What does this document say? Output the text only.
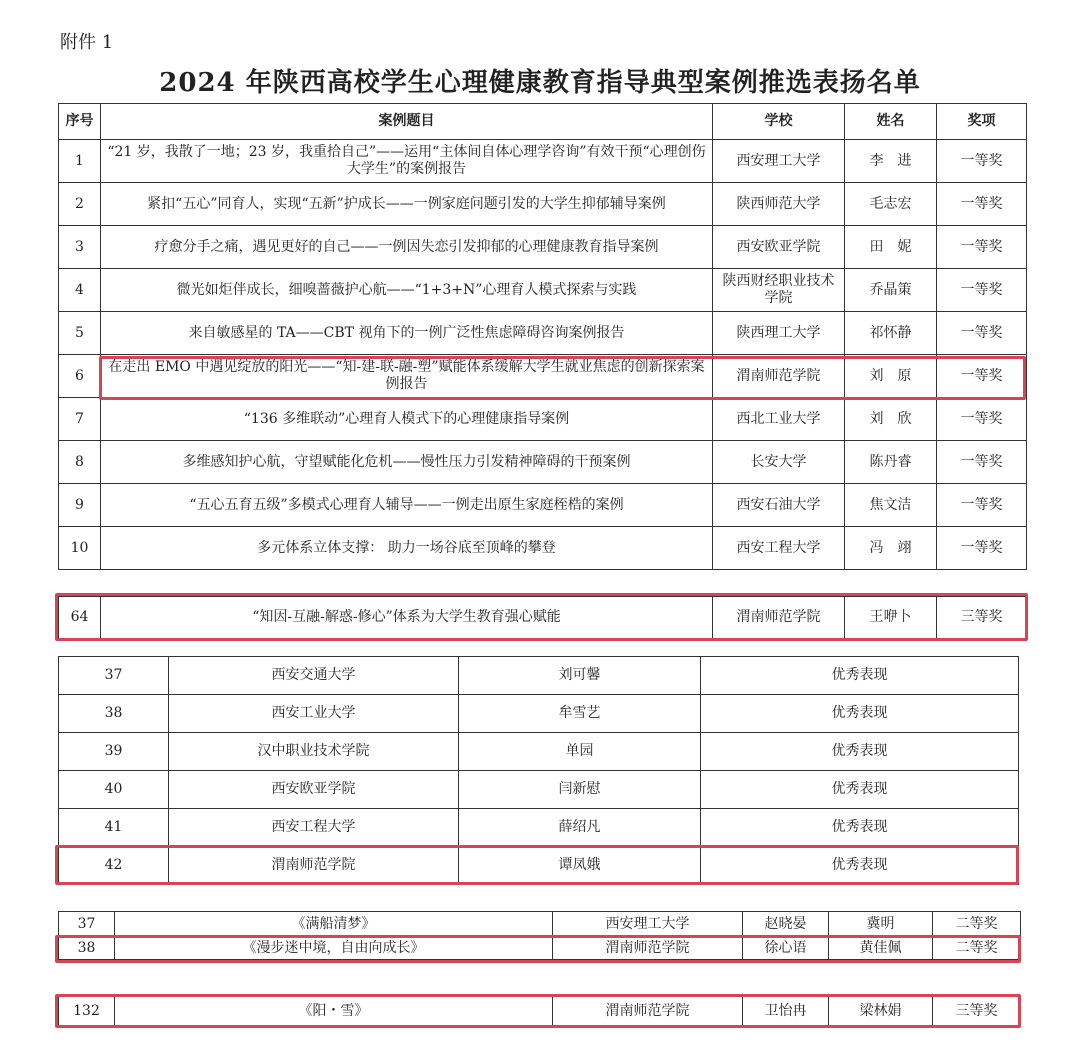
附件 1
2024 年陕西高校学生心理健康教育指导典型案例推选表扬名单
序号	案例题目	学校	姓名	奖项
1	“21 岁，我散了一地；23 岁，我重拾自己”——运用“主体间自体心理学咨询”有效干预“心理创伤大学生”的案例报告	西安理工大学	李　进	一等奖
2	紧扣“五心”同育人，实现“五新”护成长——一例家庭问题引发的大学生抑郁辅导案例	陕西师范大学	毛志宏	一等奖
3	疗愈分手之痛，遇见更好的自己——一例因失恋引发抑郁的心理健康教育指导案例	西安欧亚学院	田　妮	一等奖
4	微光如炬伴成长，细嗅蔷薇护心航——“1+3+N”心理育人模式探索与实践	陕西财经职业技术学院	乔晶策	一等奖
5	来自敏感星的 TA——CBT 视角下的一例广泛性焦虑障碍咨询案例报告	陕西理工大学	祁怀静	一等奖
6	在走出 EMO 中遇见绽放的阳光——“知-建-联-融-塑”赋能体系缓解大学生就业焦虑的创新探索案例报告	渭南师范学院	刘　原	一等奖
7	“136 多维联动”心理育人模式下的心理健康指导案例	西北工业大学	刘　欣	一等奖
8	多维感知护心航，守望赋能化危机——慢性压力引发精神障碍的干预案例	长安大学	陈丹睿	一等奖
9	“五心五育五级”多模式心理育人辅导——一例走出原生家庭桎梏的案例	西安石油大学	焦文洁	一等奖
10	多元体系立体支撑： 助力一场谷底至顶峰的攀登	西安工程大学	冯　翊	一等奖
64	“知因-互融-解惑-修心”体系为大学生教育强心赋能	渭南师范学院	王咿卜	三等奖
37	西安交通大学	刘可馨	优秀表现
38	西安工业大学	牟雪艺	优秀表现
39	汉中职业技术学院	单园	优秀表现
40	西安欧亚学院	闫新慰	优秀表现
41	西安工程大学	薛绍凡	优秀表现
42	渭南师范学院	谭凤娥	优秀表现
37	《满船清梦》	西安理工大学	赵晓晏	冀明	二等奖
38	《漫步迷中境，自由向成长》	渭南师范学院	徐心语	黄佳佩	二等奖
132	《阳・雪》	渭南师范学院	卫怡冉	梁林娟	三等奖
